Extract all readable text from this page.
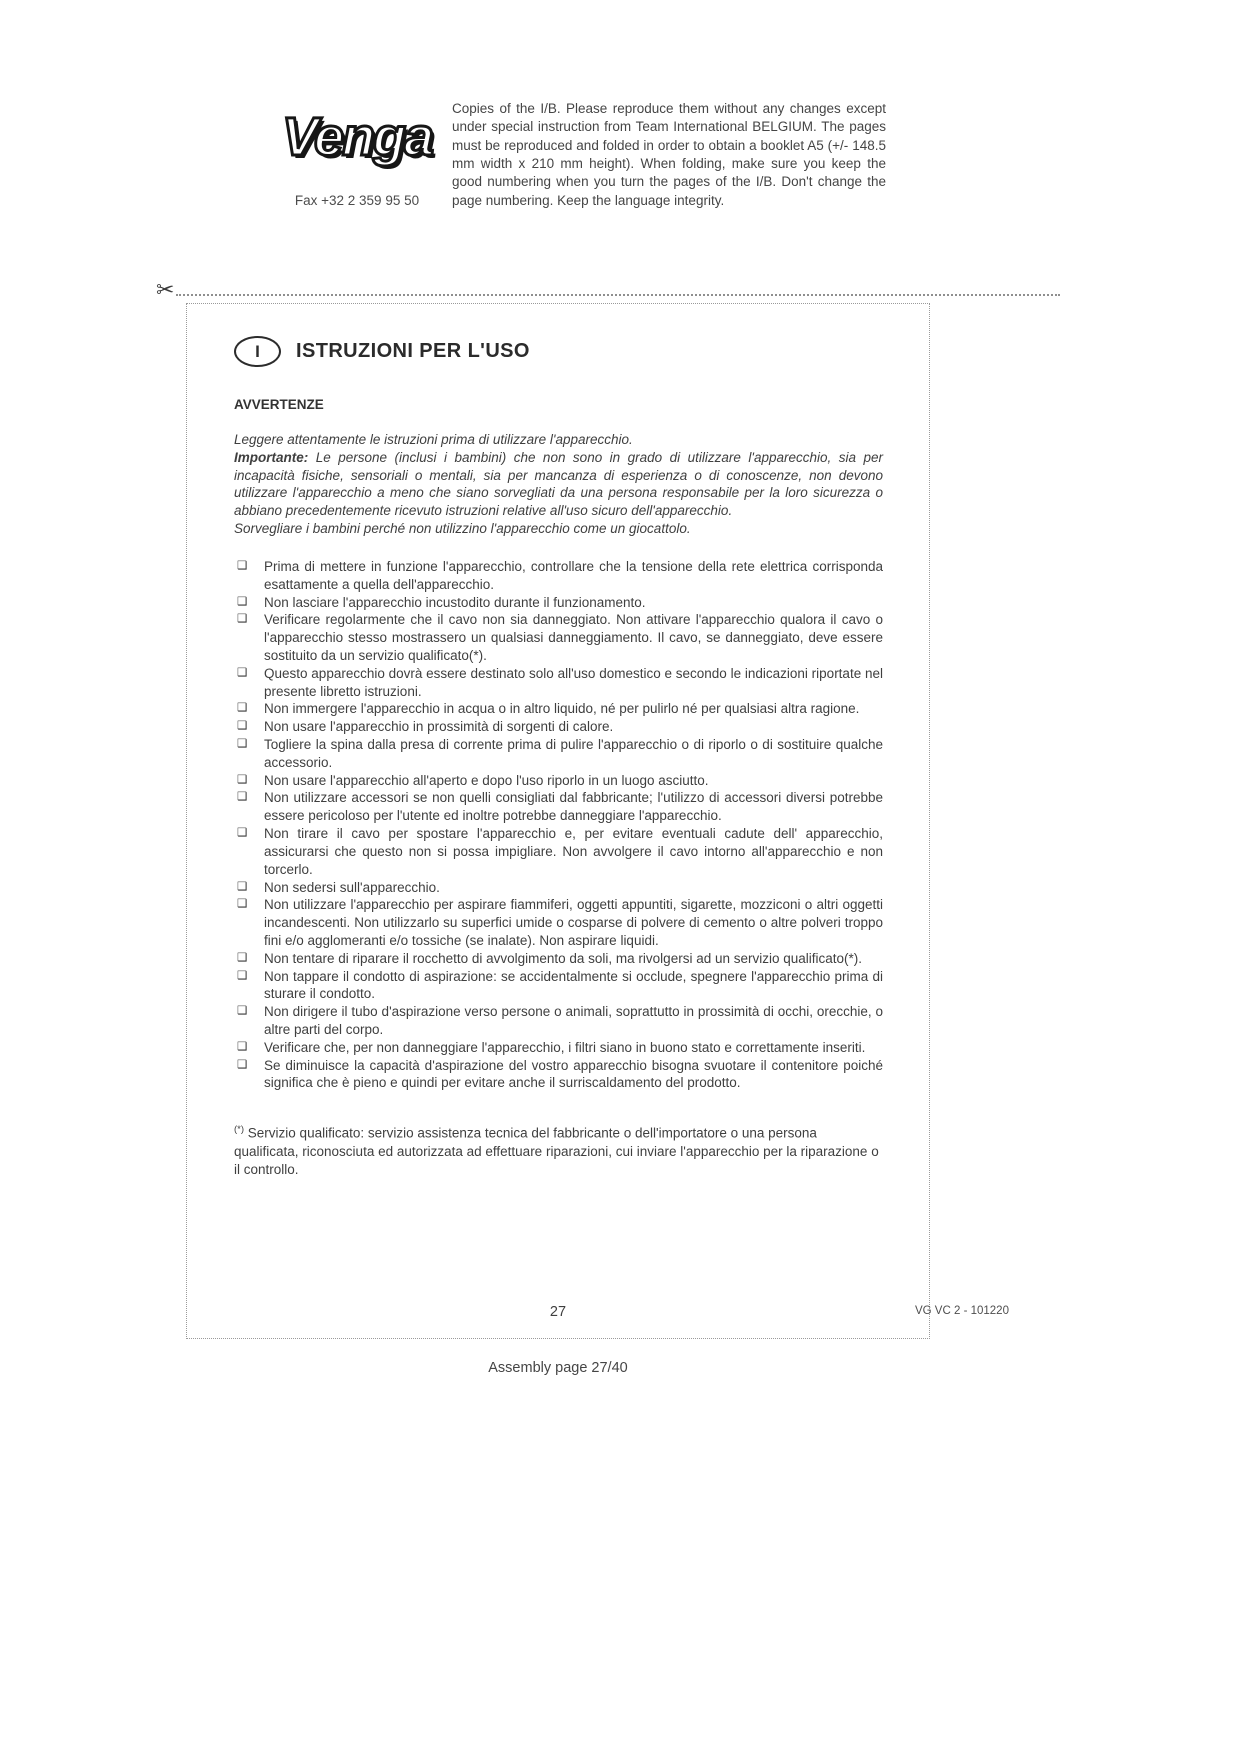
Venga
Fax +32 2 359 95 50

Copies of the I/B. Please reproduce them without any changes except under special instruction from Team International BELGIUM. The pages must be reproduced and folded in order to obtain a booklet A5 (+/- 148.5 mm width x 210 mm height). When folding, make sure you keep the good numbering when you turn the pages of the I/B. Don't change the page numbering. Keep the language integrity.

✂
I ISTRUZIONI PER L'USO
AVVERTENZE

Leggere attentamente le istruzioni prima di utilizzare l'apparecchio.

Importante: Le persone (inclusi i bambini) che non sono in grado di utilizzare l'apparecchio, sia per incapacità fisiche, sensoriali o mentali, sia per mancanza di esperienza o di conoscenze, non devono utilizzare l'apparecchio a meno che siano sorvegliati da una persona responsabile per la loro sicurezza o abbiano precedentemente ricevuto istruzioni relative all'uso sicuro dell'apparecchio.

Sorvegliare i bambini perché non utilizzino l'apparecchio come un giocattolo.

❑	Prima di mettere in funzione l'apparecchio, controllare che la tensione della rete elettrica corrisponda esattamente a quella dell'apparecchio.
❑	Non lasciare l'apparecchio incustodito durante il funzionamento.
❑	Verificare regolarmente che il cavo non sia danneggiato. Non attivare l'apparecchio qualora il cavo o l'apparecchio stesso mostrassero un qualsiasi danneggiamento. Il cavo, se danneggiato, deve essere sostituito da un servizio qualificato(*).
❑	Questo apparecchio dovrà essere destinato solo all'uso domestico e secondo le indicazioni riportate nel presente libretto istruzioni.
❑	Non immergere l'apparecchio in acqua o in altro liquido, né per pulirlo né per qualsiasi altra ragione.
❑	Non usare l'apparecchio in prossimità di sorgenti di calore.
❑	Togliere la spina dalla presa di corrente prima di pulire l'apparecchio o di riporlo o di sostituire qualche accessorio.
❑	Non usare l'apparecchio all'aperto e dopo l'uso riporlo in un luogo asciutto.
❑	Non utilizzare accessori se non quelli consigliati dal fabbricante; l'utilizzo di accessori diversi potrebbe essere pericoloso per l'utente ed inoltre potrebbe danneggiare l'apparecchio.
❑	Non tirare il cavo per spostare l'apparecchio e, per evitare eventuali cadute dell' apparecchio, assicurarsi che questo non si possa impigliare. Non avvolgere il cavo intorno all'apparecchio e non torcerlo.
❑	Non sedersi sull'apparecchio.
❑	Non utilizzare l'apparecchio per aspirare fiammiferi, oggetti appuntiti, sigarette, mozziconi o altri oggetti incandescenti. Non utilizzarlo su superfici umide o cosparse di polvere di cemento o altre polveri troppo fini e/o agglomeranti e/o tossiche (se inalate). Non aspirare liquidi.
❑	Non tentare di riparare il rocchetto di avvolgimento da soli, ma rivolgersi ad un servizio qualificato(*).
❑	Non tappare il condotto di aspirazione: se accidentalmente si occlude, spegnere l'apparecchio prima di sturare il condotto.
❑	Non dirigere il tubo d'aspirazione verso persone o animali, soprattutto in prossimità di occhi, orecchie, o altre parti del corpo.
❑	Verificare che, per non danneggiare l'apparecchio, i filtri siano in buono stato e correttamente inseriti.
❑	Se diminuisce la capacità d'aspirazione del vostro apparecchio bisogna svuotare il contenitore poiché significa che è pieno e quindi per evitare anche il surriscaldamento del prodotto.

(*) Servizio qualificato: servizio assistenza tecnica del fabbricante o dell'importatore o una persona qualificata, riconosciuta ed autorizzata ad effettuare riparazioni, cui inviare l'apparecchio per la riparazione o il controllo.

27	VG VC 2 - 101220
Assembly page 27/40
